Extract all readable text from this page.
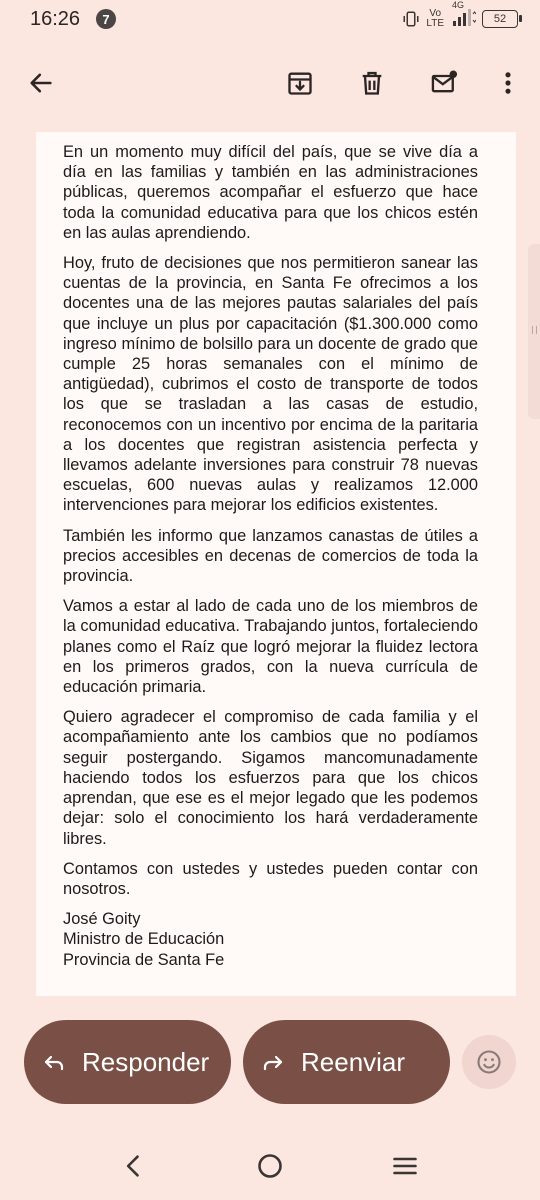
16:26	7	Vo
LTE
4G
52

En un momento muy difícil del país, que se vive día a día en las familias y también en las administraciones públicas, queremos acompañar el esfuerzo que hace toda la comunidad educativa para que los chicos estén en las aulas aprendiendo.

Hoy, fruto de decisiones que nos permitieron sanear las cuentas de la provincia, en Santa Fe ofrecimos a los docentes una de las mejores pautas salariales del país que incluye un plus por capacitación ($1.300.000 como ingreso mínimo de bolsillo para un docente de grado que cumple 25 horas semanales con el mínimo de antigüedad), cubrimos el costo de transporte de todos los que se trasladan a las casas de estudio, reconocemos con un incentivo por encima de la paritaria a los docentes que registran asistencia perfecta y llevamos adelante inversiones para construir 78 nuevas escuelas, 600 nuevas aulas y realizamos 12.000 intervenciones para mejorar los edificios existentes.

También les informo que lanzamos canastas de útiles a precios accesibles en decenas de comercios de toda la provincia.

Vamos a estar al lado de cada uno de los miembros de la comunidad educativa. Trabajando juntos, fortaleciendo planes como el Raíz que logró mejorar la fluidez lectora en los primeros grados, con la nueva currícula de educación primaria.

Quiero agradecer el compromiso de cada familia y el acompañamiento ante los cambios que no podíamos seguir postergando. Sigamos mancomunadamente haciendo todos los esfuerzos para que los chicos aprendan, que ese es el mejor legado que les podemos dejar: solo el conocimiento los hará verdaderamente libres.

Contamos con ustedes y ustedes pueden contar con nosotros.

José Goity

Ministro de Educación

Provincia de Santa Fe

Responder	Reenviar
